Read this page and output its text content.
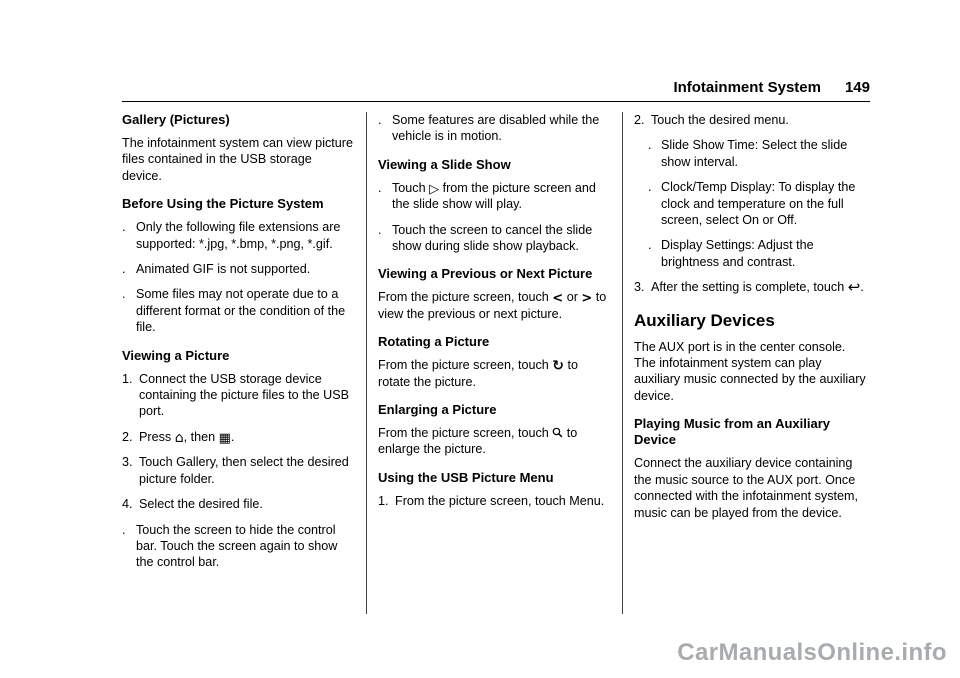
Infotainment System 149
Gallery (Pictures)

The infotainment system can view picture files contained in the USB storage device.

Before Using the Picture System
. Only the following file extensions are supported: *.jpg, *.bmp, *.png, *.gif.
. Animated GIF is not supported.
. Some files may not operate due to a different format or the condition of the file.
Viewing a Picture
1. Connect the USB storage device containing the picture files to the USB port.
2. Press ⌂, then ▦.
3. Touch Gallery, then select the desired picture folder.
4. Select the desired file.
. Touch the screen to hide the control bar. Touch the screen again to show the control bar.
. Some features are disabled while the vehicle is in motion.
Viewing a Slide Show
. Touch ▷ from the picture screen and the slide show will play.
. Touch the screen to cancel the slide show during slide show playback.
Viewing a Previous or Next Picture

From the picture screen, touch < or > to view the previous or next picture.

Rotating a Picture

From the picture screen, touch ↻ to rotate the picture.

Enlarging a Picture

From the picture screen, touch  to enlarge the picture.

Using the USB Picture Menu
1. From the picture screen, touch Menu.
2. Touch the desired menu.
. Slide Show Time: Select the slide show interval.
. Clock/Temp Display: To display the clock and temperature on the full screen, select On or Off.
. Display Settings: Adjust the brightness and contrast.
3. After the setting is complete, touch ↩.
Auxiliary Devices

The AUX port is in the center console. The infotainment system can play auxiliary music connected by the auxiliary device.

Playing Music from an Auxiliary Device

Connect the auxiliary device containing the music source to the AUX port. Once connected with the infotainment system, music can be played from the device.

CarManualsOnline.info
